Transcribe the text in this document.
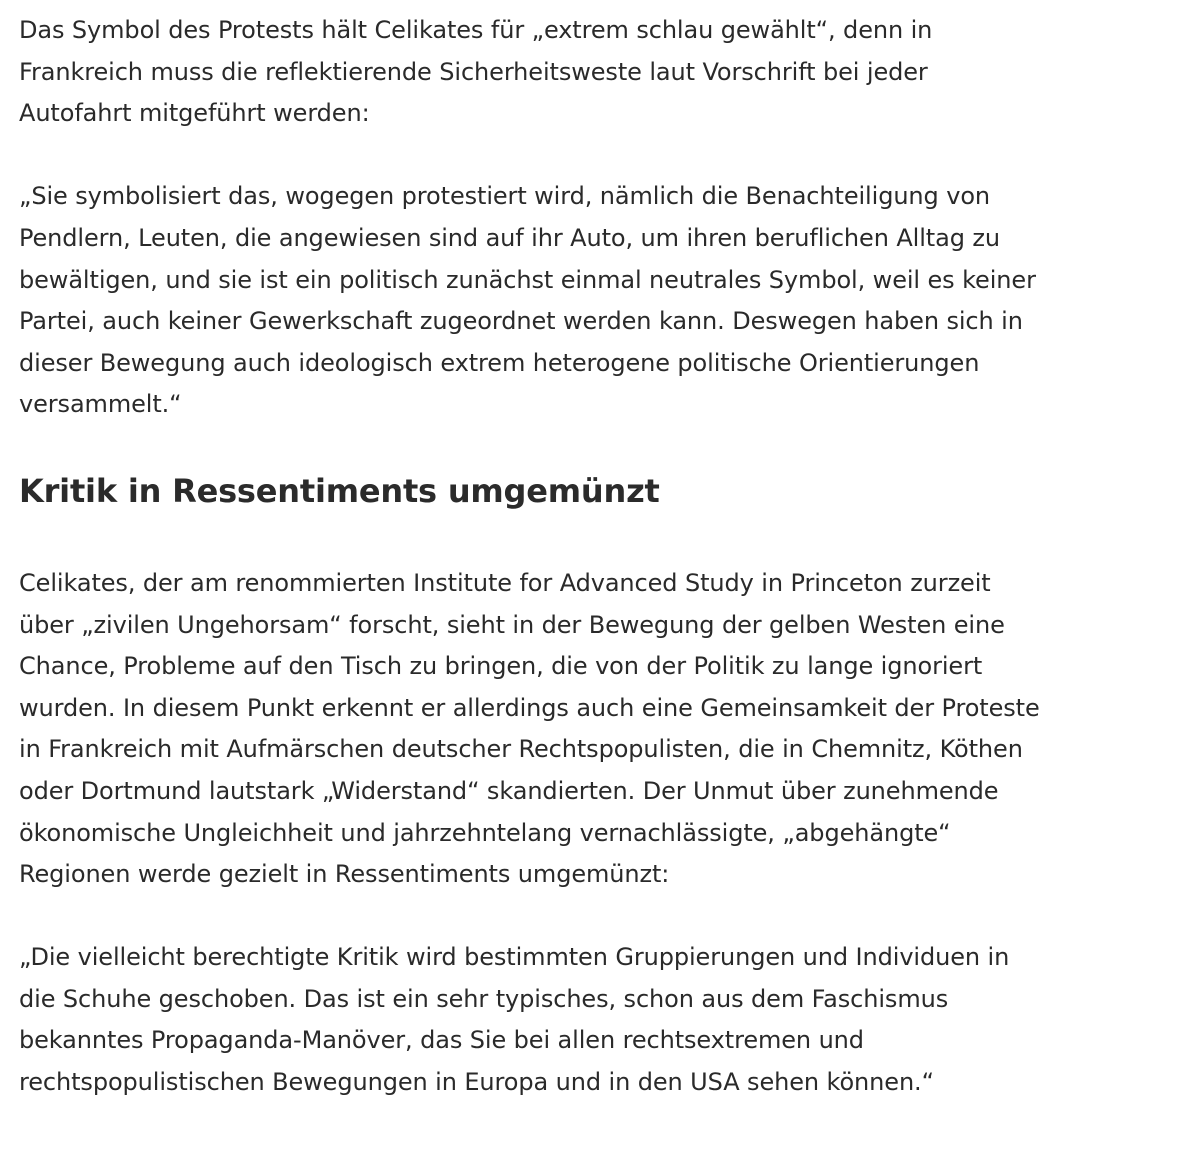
Das Symbol des Protests hält Celikates für „extrem schlau gewählt“, denn in
Frankreich muss die reflektierende Sicherheitsweste laut Vorschrift bei jeder
Autofahrt mitgeführt werden:

„Sie symbolisiert das, wogegen protestiert wird, nämlich die Benachteiligung von
Pendlern, Leuten, die angewiesen sind auf ihr Auto, um ihren beruflichen Alltag zu
bewältigen, und sie ist ein politisch zunächst einmal neutrales Symbol, weil es keiner
Partei, auch keiner Gewerkschaft zugeordnet werden kann. Deswegen haben sich in
dieser Bewegung auch ideologisch extrem heterogene politische Orientierungen
versammelt.“

Kritik in Ressentiments umgemünzt

Celikates, der am renommierten Institute for Advanced Study in Princeton zurzeit
über „zivilen Ungehorsam“ forscht, sieht in der Bewegung der gelben Westen eine
Chance, Probleme auf den Tisch zu bringen, die von der Politik zu lange ignoriert
wurden. In diesem Punkt erkennt er allerdings auch eine Gemeinsamkeit der Proteste
in Frankreich mit Aufmärschen deutscher Rechtspopulisten, die in Chemnitz, Köthen
oder Dortmund lautstark „Widerstand“ skandierten. Der Unmut über zunehmende
ökonomische Ungleichheit und jahrzehntelang vernachlässigte, „abgehängte“
Regionen werde gezielt in Ressentiments umgemünzt:

„Die vielleicht berechtigte Kritik wird bestimmten Gruppierungen und Individuen in
die Schuhe geschoben. Das ist ein sehr typisches, schon aus dem Faschismus
bekanntes Propaganda-Manöver, das Sie bei allen rechtsextremen und
rechtspopulistischen Bewegungen in Europa und in den USA sehen können.“
